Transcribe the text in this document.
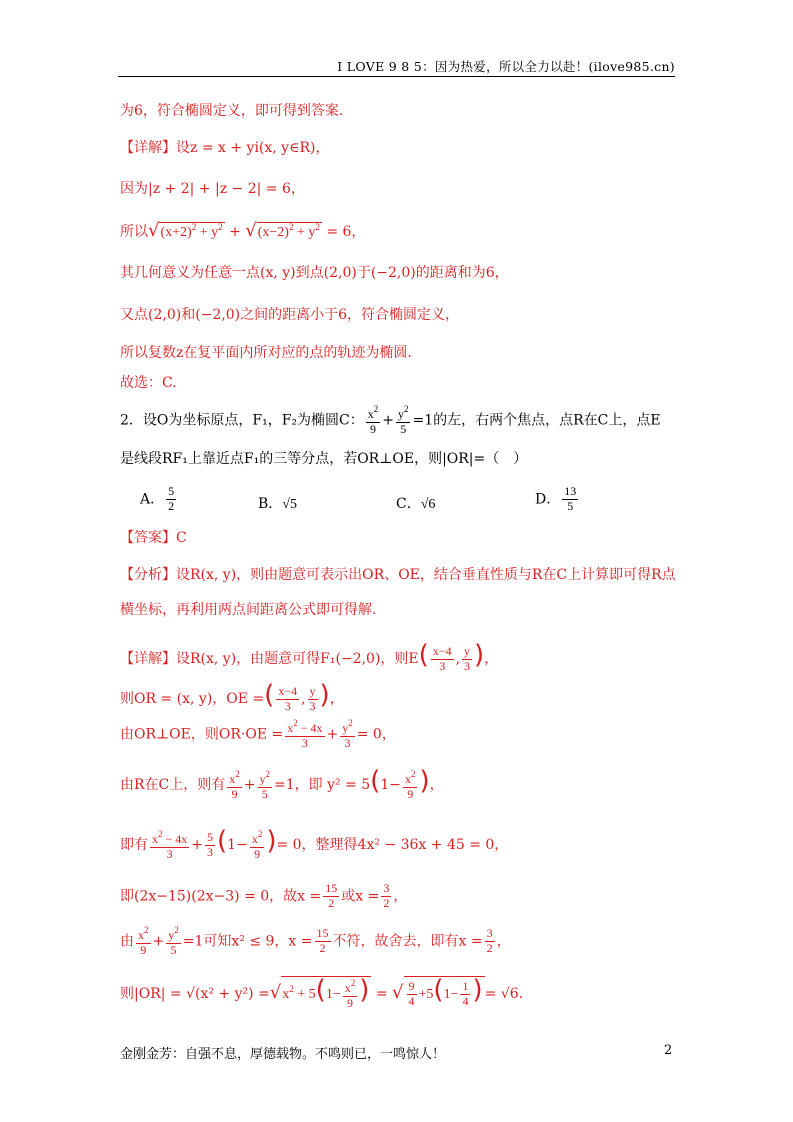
I LOVE 9 8 5：因为热爱，所以全力以赴！(ilove985.cn)
为6，符合椭圆定义，即可得到答案.
【详解】设z = x + yi(x, y∈R)，
因为|z + 2| + |z − 2| = 6，
所以$√(x+2)^2 + y^2 + √(x-2)^2 + y^2 = 6$，
其几何意义为任意一点(x, y)到点(2,0)于(−2,0)的距离和为6，
又点(2,0)和(−2,0)之间的距离小于6，符合椭圆定义，
所以复数z在复平面内所对应的点的轨迹为椭圆.
故选：C.
2．设O为坐标原点，F₁，F₂为椭圆C： $\frac{x^2}{9} + \frac{y^2}{5} =1$的左，右两个焦点，点R在C上，点E
是线段RF₁上靠近点F₁的三等分点，若OR⊥OE，则|OR|=（　）
A． $\frac{5}{2}$	B．√5	C．√6	D． $\frac{13}{5}$
【答案】C
【分析】设R(x, y)，则由题意可表示出OR、OE，结合垂直性质与R在C上计算即可得R点
横坐标，再利用两点间距离公式即可得解.
【详解】设R(x, y)，由题意可得F₁(−2,0)，则$E( \frac{x-4}{3}$ , $\frac{y}{3}$ )，
则OR = (x, y)，OE =( $\frac{x-4}{3}$ , $\frac{y}{3}$ )，
由OR⊥OE，则$OR\cdot OE = \frac{x^2 - 4x}{3} + \frac{y^2}{3} = 0$，
由R在C上，则有 $\frac{x^2}{9} + \frac{y^2}{5} =1$，即 $y^2 = 5(1- \frac{x^2}{9}$ )，
即有 $\frac{x^2 - 4x}{3} + \frac{5}{3} (1- \frac{x^2}{9}$ )= 0，整理得4x² − 36x + 45 = 0，
即(2x−15)(2x−3) = 0，故$x = \frac{15}{2}$ 或$x = \frac{3}{2}$ ，
由 $\frac{x^2}{9} + \frac{y^2}{5} =1$可知x² ≤ 9，$x = \frac{15}{2}$ 不符，故舍去，即有$x = \frac{3}{2}$ ，
则$|OR| = √(x^2 + y^2) =√x^2 + 5(1- \frac{x^2}{9}$ ) = √ $\frac{9}{4} +5(1- \frac{1}{4}$ ) = √6.
金刚金芳：自强不息，厚德载物。不鸣则已，一鸣惊人！	2
